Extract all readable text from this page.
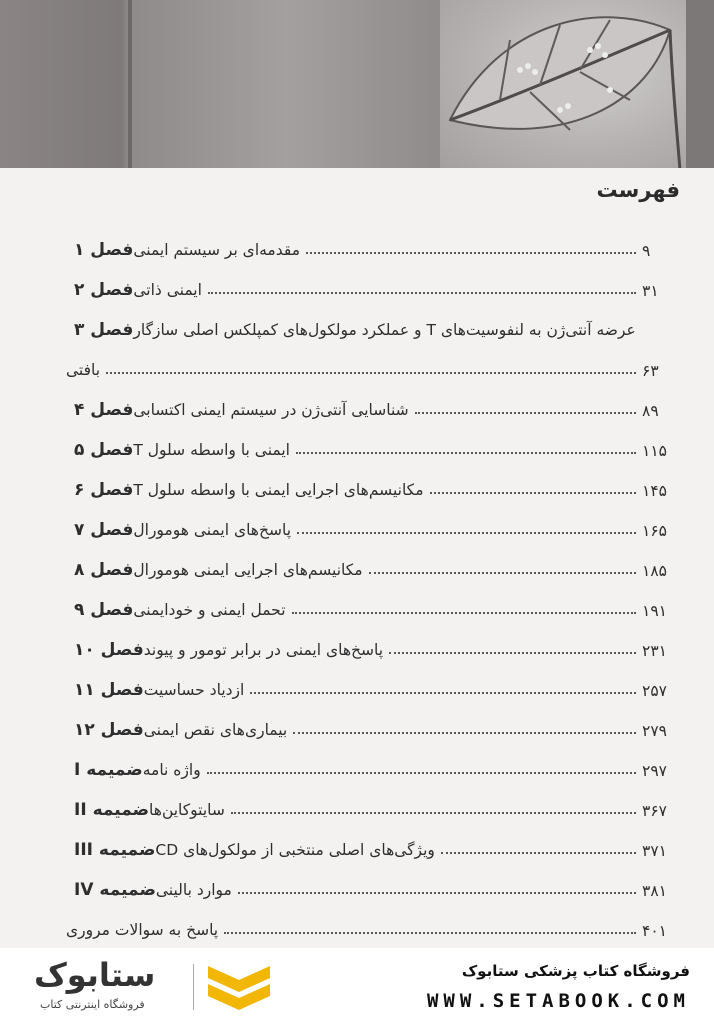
فهرست
فصل ۱ مقدمه‌ای بر سیستم ایمنی	۹
فصل ۲ ایمنی ذاتی	۳۱
فصل ۳ عرضه آنتی‌ژن به لنفوسیت‌های T و عملکرد مولکول‌های کمپلکس اصلی سازگار
بافتی	۶۳
فصل ۴ شناسایی آنتی‌ژن در سیستم ایمنی اکتسابی	۸۹
فصل ۵ ایمنی با واسطه سلول T	۱۱۵
فصل ۶ مکانیسم‌های اجرایی ایمنی با واسطه سلول T	۱۴۵
فصل ۷ پاسخ‌های ایمنی هومورال	۱۶۵
فصل ۸ مکانیسم‌های اجرایی ایمنی هومورال	۱۸۵
فصل ۹ تحمل ایمنی و خودایمنی	۱۹۱
فصل ۱۰ پاسخ‌های ایمنی در برابر تومور و پیوند	۲۳۱
فصل ۱۱ ازدیاد حساسیت	۲۵۷
فصل ۱۲ بیماری‌های نقص ایمنی	۲۷۹
ضمیمه I واژه نامه	۲۹۷
ضمیمه II سایتوکاین‌ها	۳۶۷
ضمیمه III ویژگی‌های اصلی منتخبی از مولکول‌های CD	۳۷۱
ضمیمه IV موارد بالینی	۳۸۱
پاسخ به سوالات مروری	۴۰۱
فروشگاه کتاب پزشکی ستابوک
WWW.SETABOOK.COM
ستابوک
فروشگاه اینترنتی کتاب
